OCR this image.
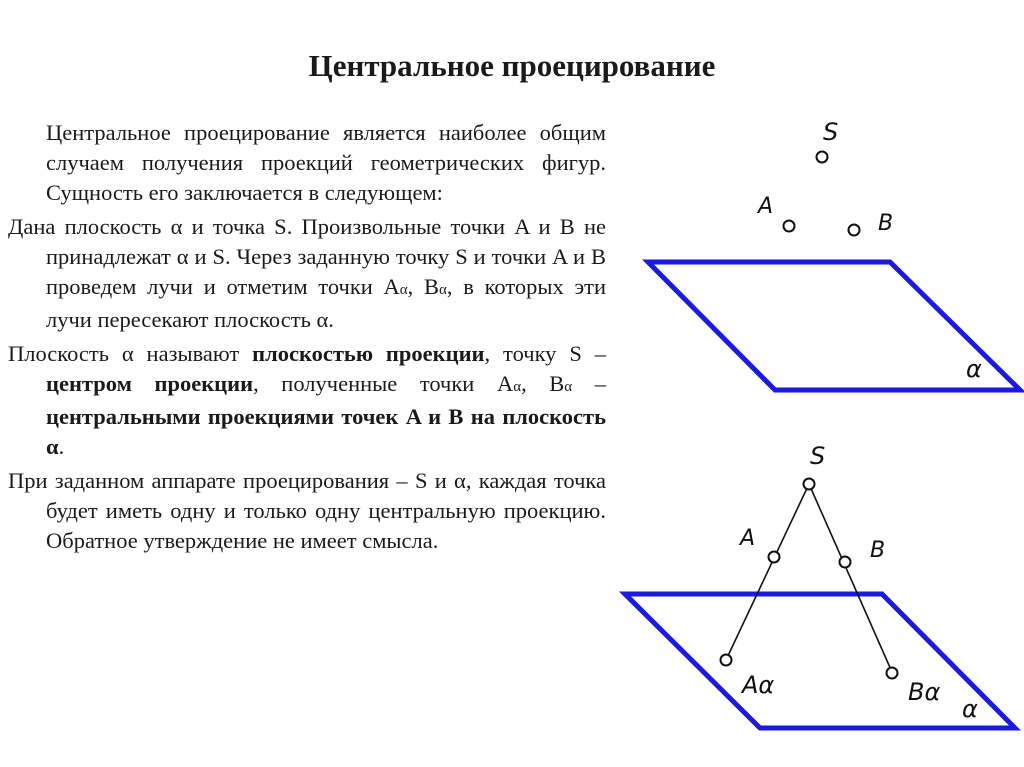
Центральное проецирование

Центральное проецирование является наиболее общим случаем получения проекций геометрических фигур. Сущность его заключается в следующем:

Дана плоскость α и точка S. Произвольные точки A и B не принадлежат α и S. Через заданную точку S и точки A и B проведем лучи и отметим точки Aα, Bα, в которых эти лучи пересекают плоскость α.

Плоскость α называют плоскостью проекции, точку S – центром проекции, полученные точки Aα, Bα – центральными проекциями точек A и B на плоскость α.

При заданном аппарате проецирования – S и α, каждая точка будет иметь одну и только одну центральную проекцию. Обратное утверждение не имеет смысла.

S
A
B
α
S
A	B
Aα	Bα
α
